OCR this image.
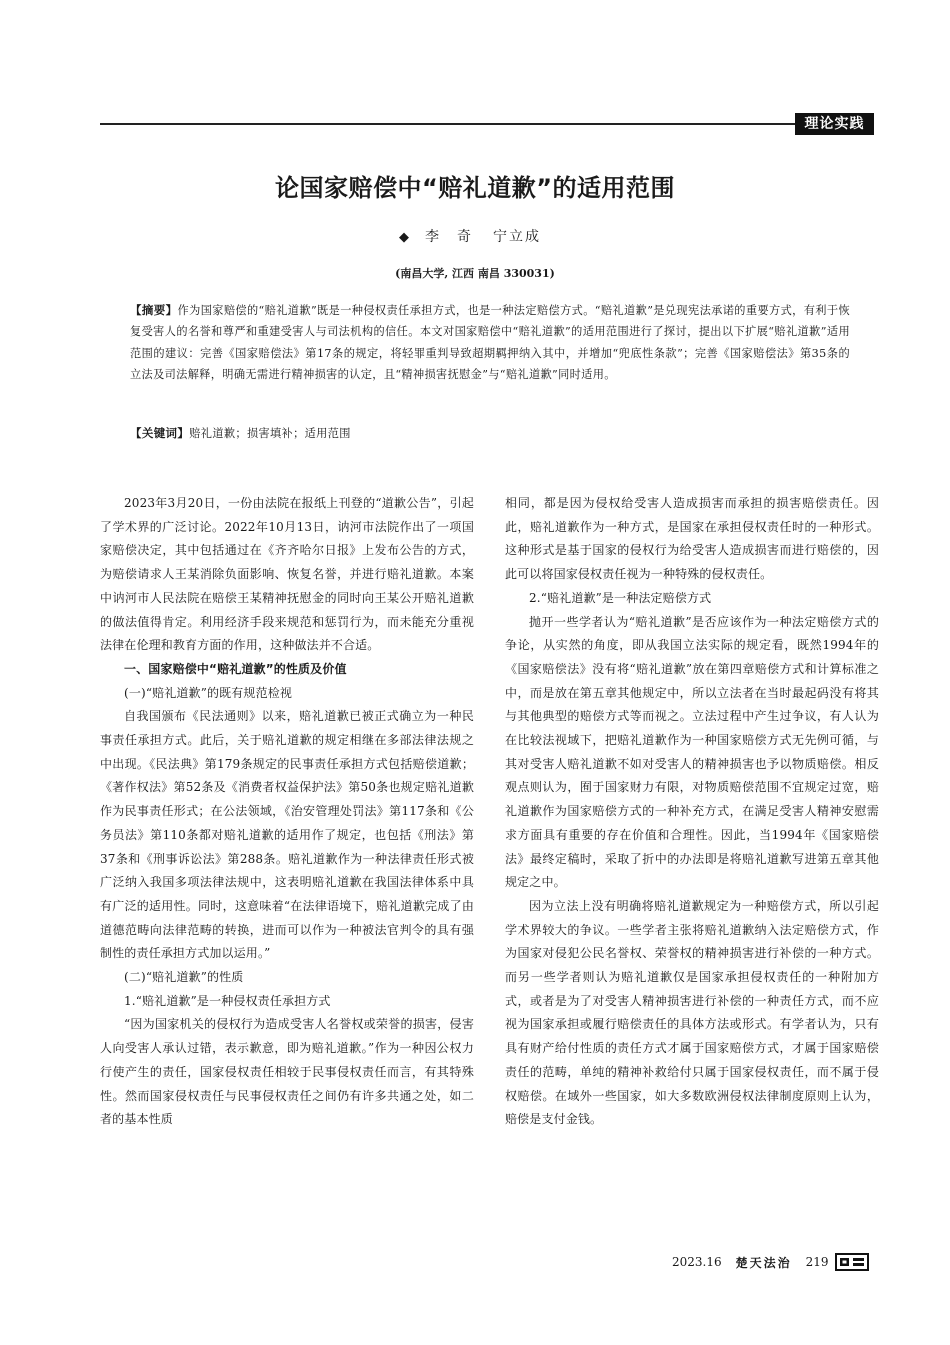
理论实践
论国家赔偿中“赔礼道歉”的适用范围
◆ 李　奇 宁立成
(南昌大学, 江西 南昌 330031)
【摘要】作为国家赔偿的“赔礼道歉”既是一种侵权责任承担方式，也是一种法定赔偿方式。“赔礼道歉”是兑现宪法承诺的重要方式，有利于恢复受害人的名誉和尊严和重建受害人与司法机构的信任。本文对国家赔偿中“赔礼道歉”的适用范围进行了探讨，提出以下扩展“赔礼道歉”适用范围的建议：完善《国家赔偿法》第17条的规定，将轻罪重判导致超期羁押纳入其中，并增加“兜底性条款”；完善《国家赔偿法》第35条的立法及司法解释，明确无需进行精神损害的认定，且“精神损害抚慰金”与“赔礼道歉”同时适用。
【关键词】赔礼道歉；损害填补；适用范围

2023年3月20日，一份由法院在报纸上刊登的“道歉公告”，引起了学术界的广泛讨论。2022年10月13日，讷河市法院作出了一项国家赔偿决定，其中包括通过在《齐齐哈尔日报》上发布公告的方式，为赔偿请求人王某消除负面影响、恢复名誉，并进行赔礼道歉。本案中讷河市人民法院在赔偿王某精神抚慰金的同时向王某公开赔礼道歉的做法值得肯定。利用经济手段来规范和惩罚行为，而未能充分重视法律在伦理和教育方面的作用，这种做法并不合适。

一、国家赔偿中“赔礼道歉”的性质及价值

(一)“赔礼道歉”的既有规范检视

自我国颁布《民法通则》以来，赔礼道歉已被正式确立为一种民事责任承担方式。此后，关于赔礼道歉的规定相继在多部法律法规之中出现。《民法典》第179条规定的民事责任承担方式包括赔偿道歉；《著作权法》第52条及《消费者权益保护法》第50条也规定赔礼道歉作为民事责任形式；在公法领域，《治安管理处罚法》第117条和《公务员法》第110条都对赔礼道歉的适用作了规定，也包括《刑法》第37条和《刑事诉讼法》第288条。赔礼道歉作为一种法律责任形式被广泛纳入我国多项法律法规中，这表明赔礼道歉在我国法律体系中具有广泛的适用性。同时，这意味着“在法律语境下，赔礼道歉完成了由道德范畴向法律范畴的转换，进而可以作为一种被法官判令的具有强制性的责任承担方式加以运用。”

(二)“赔礼道歉”的性质

1.“赔礼道歉”是一种侵权责任承担方式

“因为国家机关的侵权行为造成受害人名誉权或荣誉的损害，侵害人向受害人承认过错，表示歉意，即为赔礼道歉。”作为一种因公权力行使产生的责任，国家侵权责任相较于民事侵权责任而言，有其特殊性。然而国家侵权责任与民事侵权责任之间仍有许多共通之处，如二者的基本性质

相同，都是因为侵权给受害人造成损害而承担的损害赔偿责任。因此，赔礼道歉作为一种方式，是国家在承担侵权责任时的一种形式。这种形式是基于国家的侵权行为给受害人造成损害而进行赔偿的，因此可以将国家侵权责任视为一种特殊的侵权责任。

2.“赔礼道歉”是一种法定赔偿方式

抛开一些学者认为“赔礼道歉”是否应该作为一种法定赔偿方式的争论，从实然的角度，即从我国立法实际的规定看，既然1994年的《国家赔偿法》没有将“赔礼道歉”放在第四章赔偿方式和计算标准之中，而是放在第五章其他规定中，所以立法者在当时最起码没有将其与其他典型的赔偿方式等而视之。立法过程中产生过争议，有人认为在比较法视域下，把赔礼道歉作为一种国家赔偿方式无先例可循，与其对受害人赔礼道歉不如对受害人的精神损害也予以物质赔偿。相反观点则认为，囿于国家财力有限，对物质赔偿范围不宜规定过宽，赔礼道歉作为国家赔偿方式的一种补充方式，在满足受害人精神安慰需求方面具有重要的存在价值和合理性。因此，当1994年《国家赔偿法》最终定稿时，采取了折中的办法即是将赔礼道歉写进第五章其他规定之中。

因为立法上没有明确将赔礼道歉规定为一种赔偿方式，所以引起学术界较大的争议。一些学者主张将赔礼道歉纳入法定赔偿方式，作为国家对侵犯公民名誉权、荣誉权的精神损害进行补偿的一种方式。而另一些学者则认为赔礼道歉仅是国家承担侵权责任的一种附加方式，或者是为了对受害人精神损害进行补偿的一种责任方式，而不应视为国家承担或履行赔偿责任的具体方法或形式。有学者认为，只有具有财产给付性质的责任方式才属于国家赔偿方式，才属于国家赔偿责任的范畴，单纯的精神补救给付只属于国家侵权责任，而不属于侵权赔偿。在域外一些国家，如大多数欧洲侵权法律制度原则上认为，赔偿是支付金钱。

2023.16 楚天法治 219
